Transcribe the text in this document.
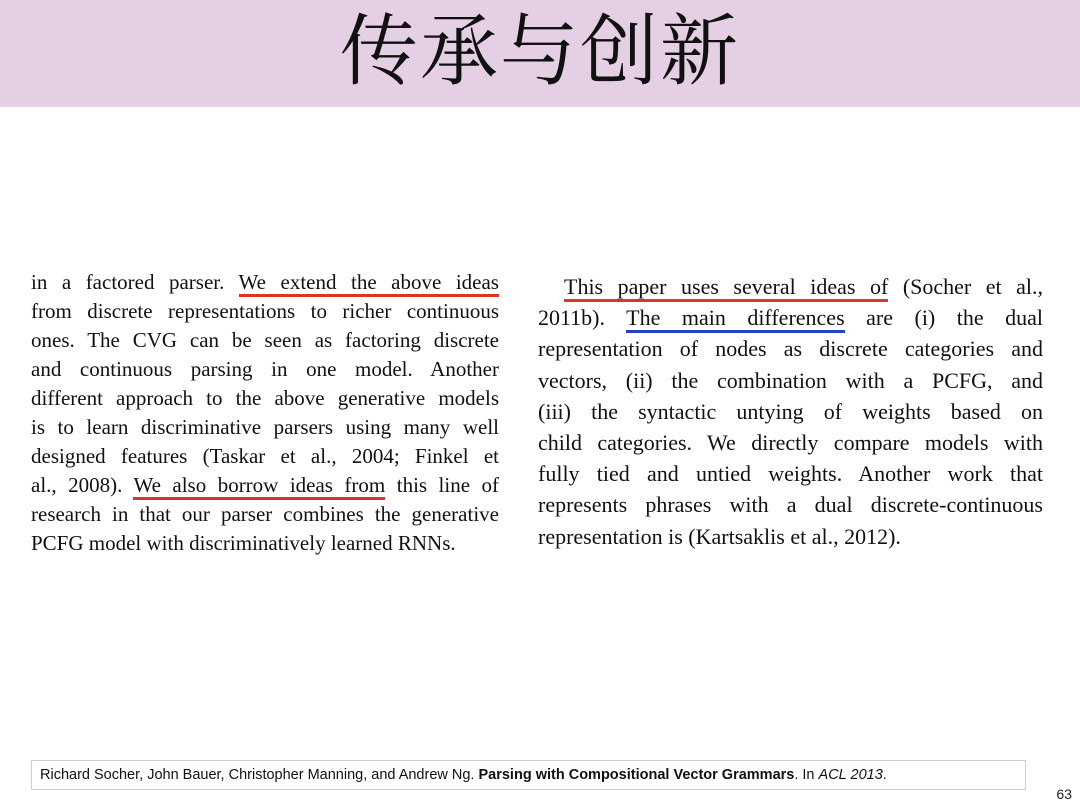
传承与创新
in a factored parser. We extend the above ideas
from discrete representations to richer continuous
ones. The CVG can be seen as factoring discrete
and continuous parsing in one model. Another
different approach to the above generative models
is to learn discriminative parsers using many well
designed features (Taskar et al., 2004; Finkel et
al., 2008). We also borrow ideas from this line of
research in that our parser combines the generative
PCFG model with discriminatively learned RNNs.
This paper uses several ideas of (Socher et al.,
2011b). The main differences are (i) the dual
representation of nodes as discrete categories and
vectors, (ii) the combination with a PCFG, and
(iii) the syntactic untying of weights based on
child categories. We directly compare models with
fully tied and untied weights. Another work that
represents phrases with a dual discrete-continuous
representation is (Kartsaklis et al., 2012).
Richard Socher, John Bauer, Christopher Manning, and Andrew Ng. Parsing with Compositional Vector Grammars. In ACL 2013.
63
